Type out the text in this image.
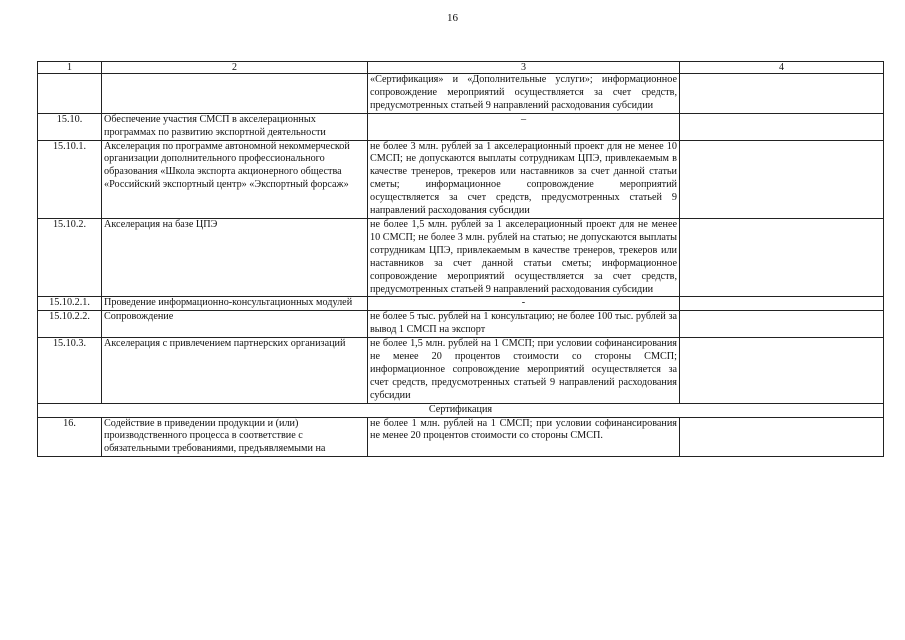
16
1	2	3	4
		«Сертификация» и «Дополнительные услуги»; информационное сопровождение мероприятий осуществляется за счет средств, предусмотренных статьей 9 направлений расходования субсидии	
15.10.	Обеспечение участия СМСП в акселерационных программах по развитию экспортной деятельности	–	
15.10.1.	Акселерация по программе автономной некоммерческой организации дополнительного профессионального образования «Школа экспорта акционерного общества «Российский экспортный центр» «Экспортный форсаж»	не более 3 млн. рублей за 1 акселерационный проект для не менее 10 СМСП; не допускаются выплаты сотрудникам ЦПЭ, привлекаемым в качестве тренеров, трекеров или наставников за счет данной статьи сметы; информационное сопровождение мероприятий осуществляется за счет средств, предусмотренных статьей 9 направлений расходования субсидии	
15.10.2.	Акселерация на базе ЦПЭ	не более 1,5 млн. рублей за 1 акселерационный проект для не менее 10 СМСП; не более 3 млн. рублей на статью; не допускаются выплаты сотрудникам ЦПЭ, привлекаемым в качестве тренеров, трекеров или наставников за счет данной статьи сметы; информационное сопровождение мероприятий осуществляется за счет средств, предусмотренных статьей 9 направлений расходования субсидии	
15.10.2.1.	Проведение информационно-консультационных модулей	-	
15.10.2.2.	Сопровождение	не более 5 тыс. рублей на 1 консультацию; не более 100 тыс. рублей за вывод 1 СМСП на экспорт	
15.10.3.	Акселерация с привлечением партнерских организаций	не более 1,5 млн. рублей на 1 СМСП; при условии софинансирования не менее 20 процентов стоимости со стороны СМСП; информационное сопровождение мероприятий осуществляется за счет средств, предусмотренных статьей 9 направлений расходования субсидии	
Сертификация			
16.	Содействие в приведении продукции и (или) производственного процесса в соответствие с обязательными требованиями, предъявляемыми на	не более 1 млн. рублей на 1 СМСП; при условии софинансирования не менее 20 процентов стоимости со стороны СМСП.	
